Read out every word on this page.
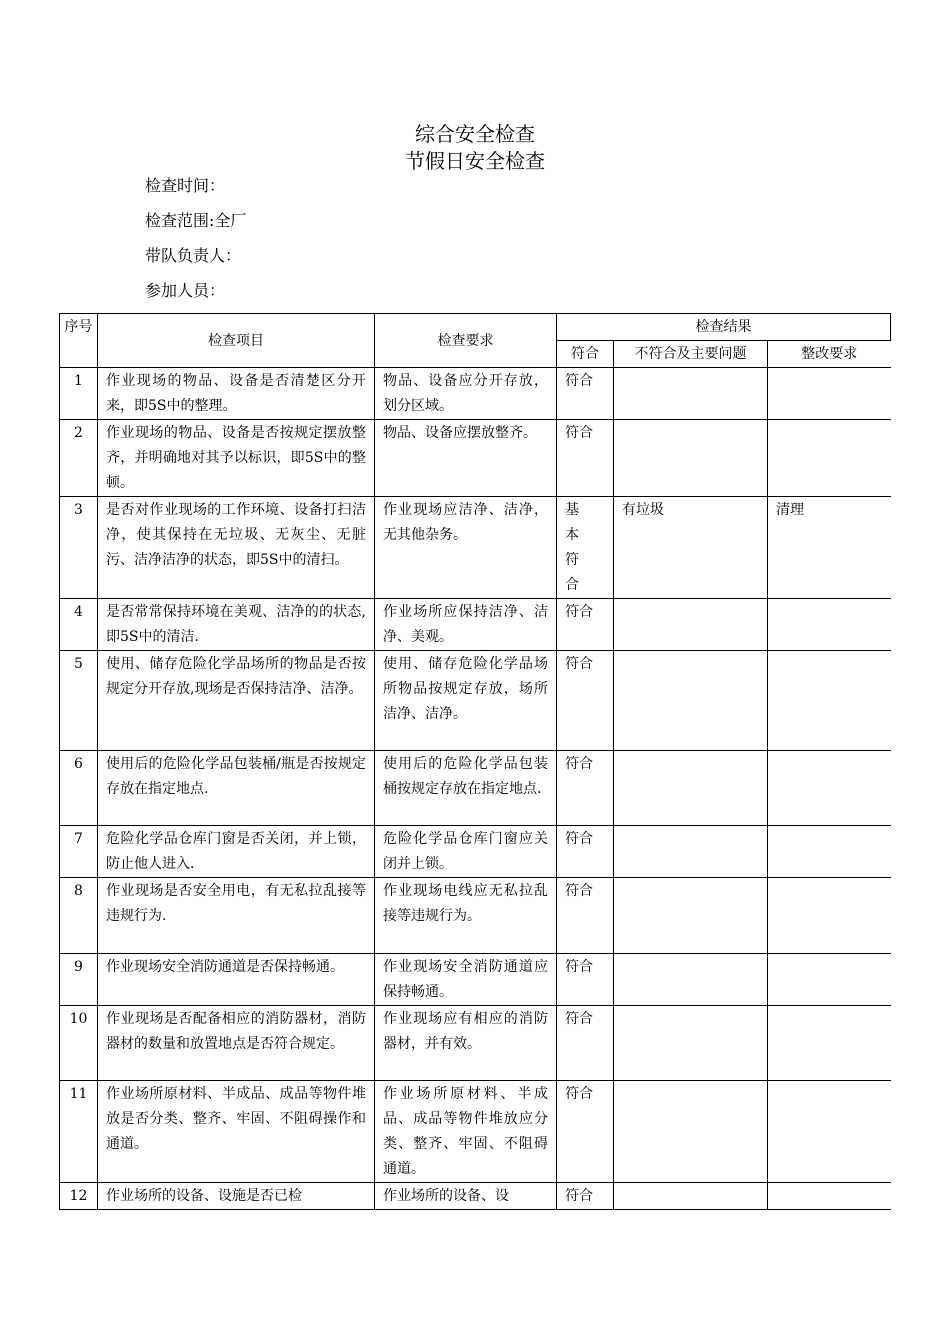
综合安全检查
节假日安全检查
检查时间：
检查范围:全厂
带队负责人：
参加人员：
序号	检查项目	检查要求	检查结果		
			符合	不符合及主要问题	整改要求
1	作业现场的物品、设备是否清楚区分开来，即5S中的整理。	物品、设备应分开存放，划分区域。	符合		
2	作业现场的物品、设备是否按规定摆放整齐，并明确地对其予以标识，即5S中的整顿。	物品、设备应摆放整齐。	符合		
3	是否对作业现场的工作环境、设备打扫洁净，使其保持在无垃圾、无灰尘、无脏污、洁净洁净的状态，即5S中的清扫。	作业现场应洁净、洁净，无其他杂务。	基本符合	有垃圾	清理
4	是否常常保持环境在美观、洁净的的状态,即5S中的清洁.	作业场所应保持洁净、洁净、美观。	符合		
5	使用、储存危险化学品场所的物品是否按规定分开存放,现场是否保持洁净、洁净。	使用、储存危险化学品场所物品按规定存放，场所洁净、洁净。	符合		
6	使用后的危险化学品包装桶/瓶是否按规定存放在指定地点.	使用后的危险化学品包装桶按规定存放在指定地点.	符合		
7	危险化学品仓库门窗是否关闭，并上锁，防止他人进入.	危险化学品仓库门窗应关闭并上锁。	符合		
8	作业现场是否安全用电，有无私拉乱接等违规行为.	作业现场电线应无私拉乱接等违规行为。	符合		
9	作业现场安全消防通道是否保持畅通。	作业现场安全消防通道应保持畅通。	符合		
10	作业现场是否配备相应的消防器材，消防器材的数量和放置地点是否符合规定。	作业现场应有相应的消防器材，并有效。	符合		
11	作业场所原材料、半成品、成品等物件堆放是否分类、整齐、牢固、不阻碍操作和通道。	作业场所原材料、半成品、成品等物件堆放应分类、整齐、牢固、不阻碍通道。	符合		
12	作业场所的设备、设施是否已检	作业场所的设备、设	符合		
